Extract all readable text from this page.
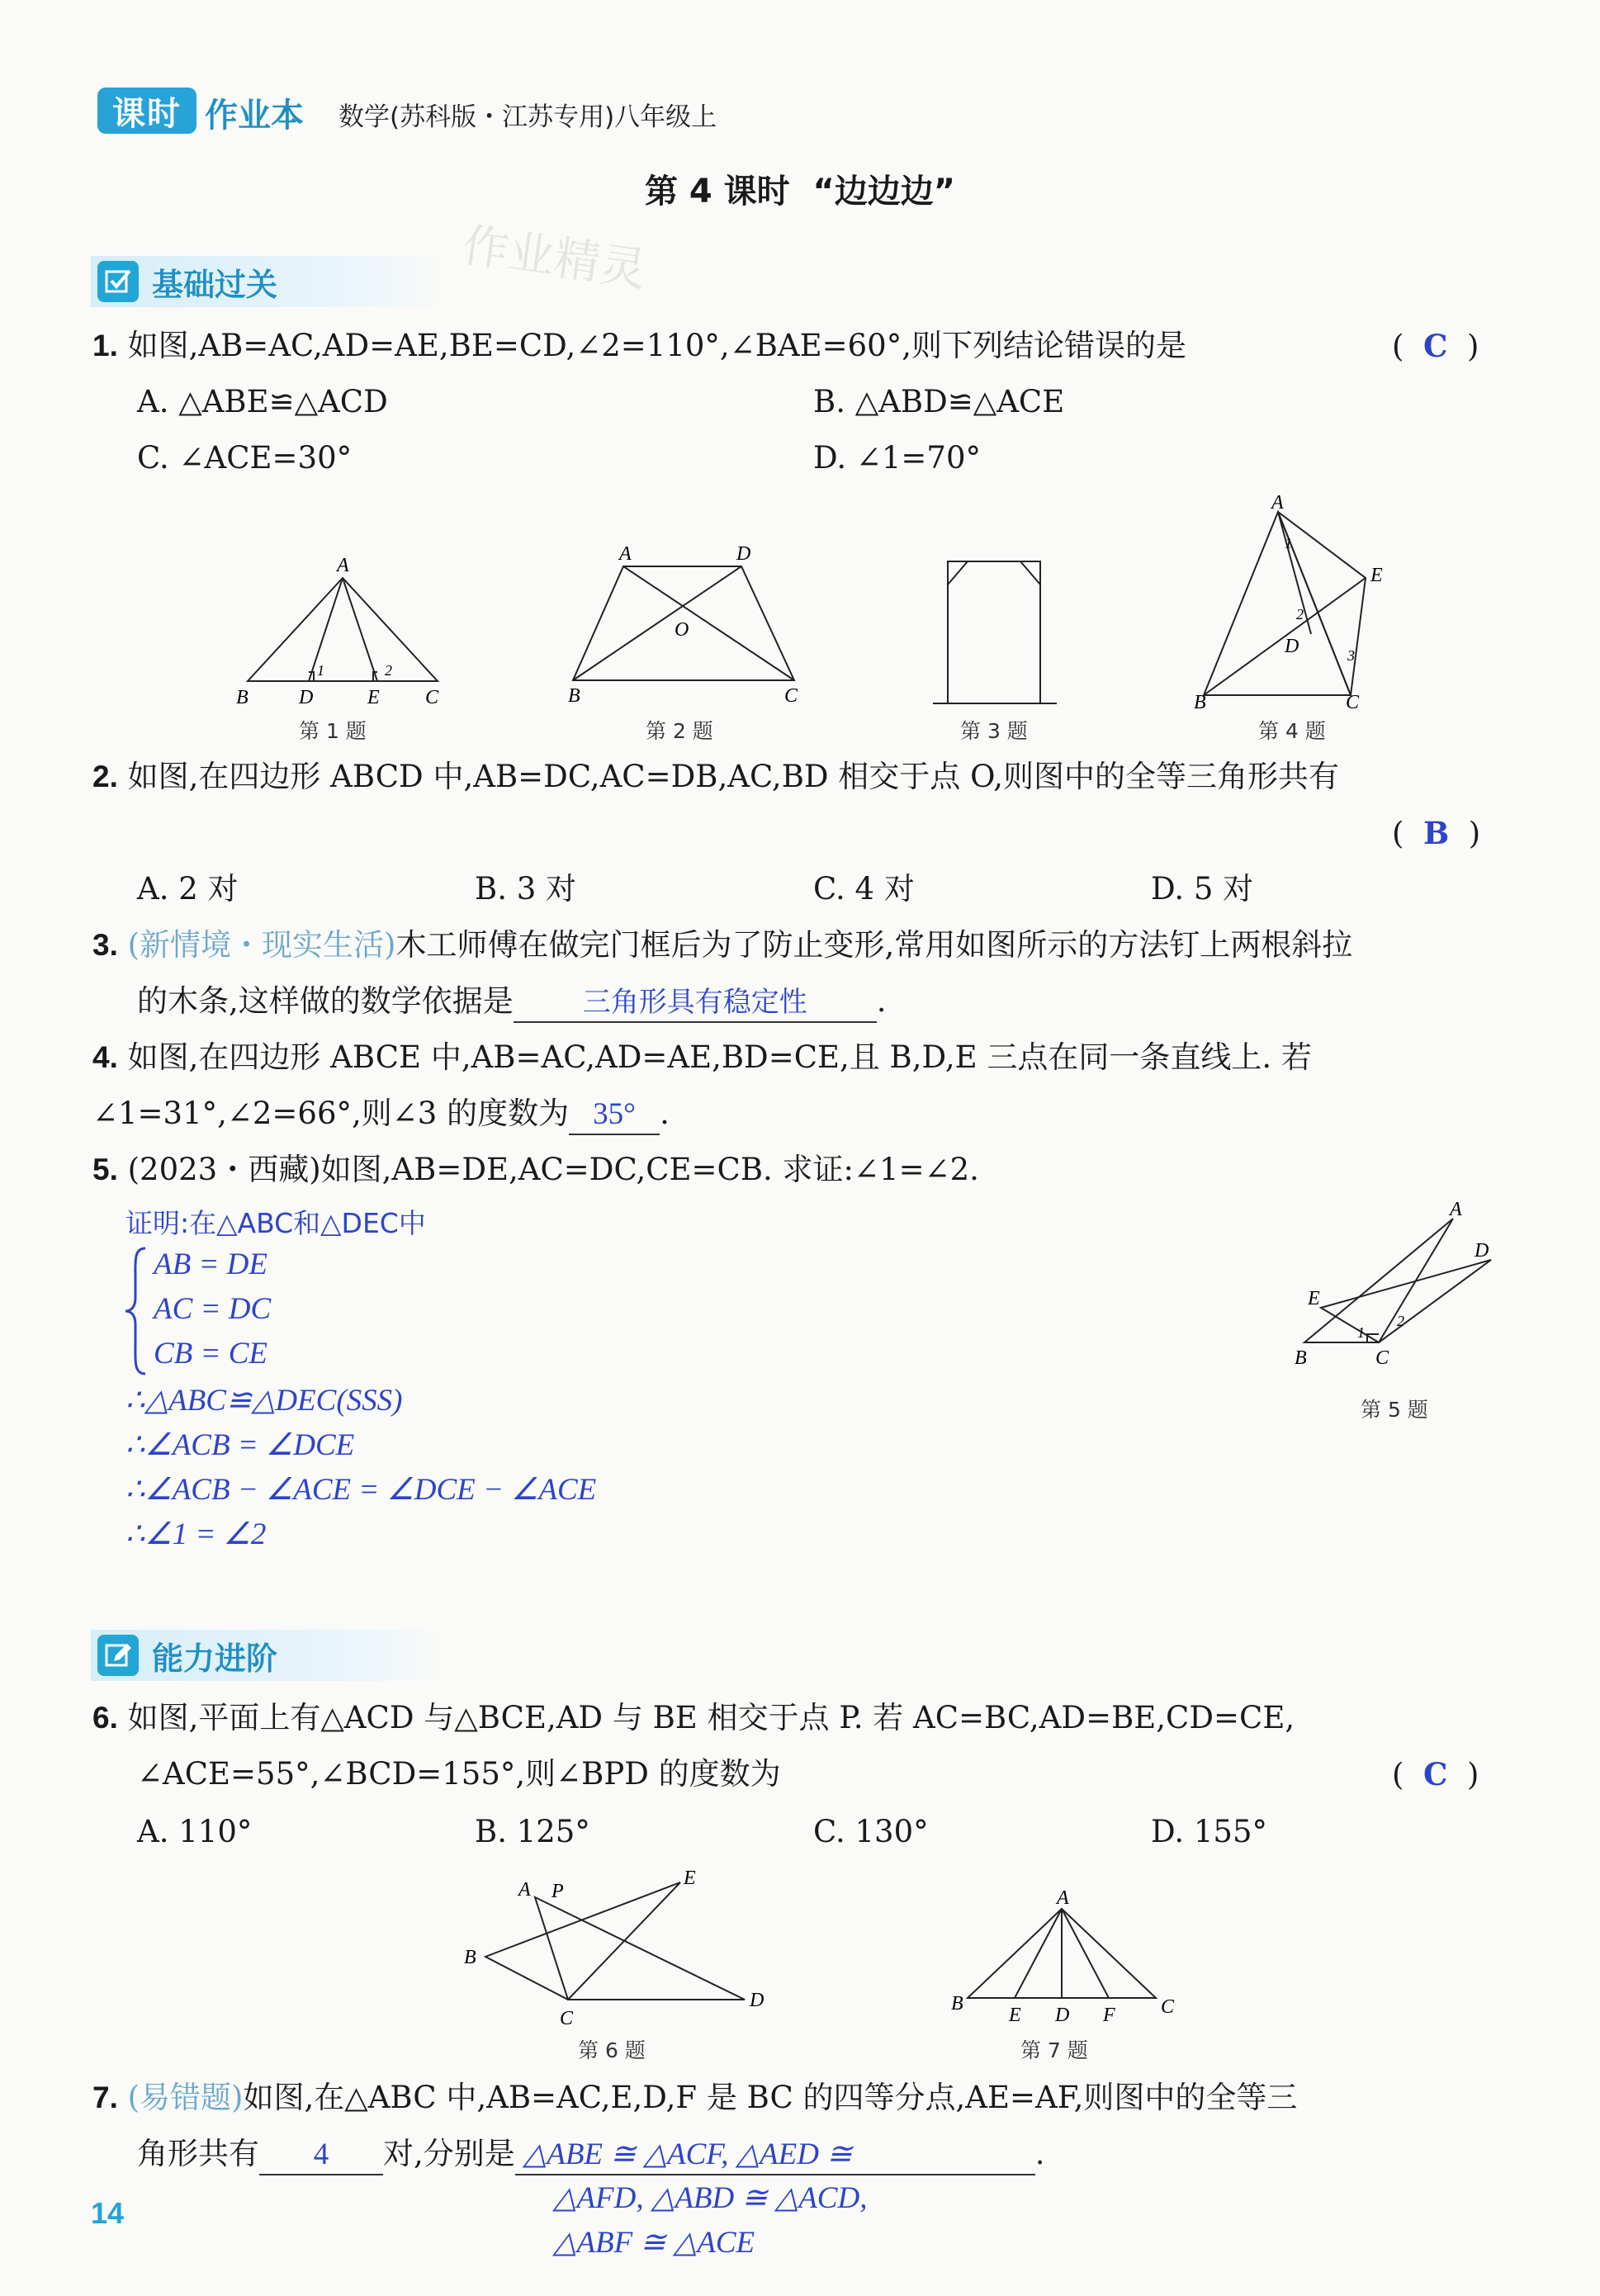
课时 作业本 数学(苏科版・江苏专用)八年级上
第 4 课时  “边边边”
作业精灵
基础过关
1. 如图,AB=AC,AD=AE,BE=CD,∠2=110°,∠BAE=60°,则下列结论错误的是	(  C  )
A. △ABE≌△ACD	B. △ABD≌△ACE
C. ∠ACE=30°	D. ∠1=70°
A
B	D
1
E
2
C
第 1 题
A	D
O
B	C
第 2 题	第 3 题
A
1
E
2
D	3
B	C
第 4 题
2. 如图,在四边形 ABCD 中,AB=DC,AC=DB,AC,BD 相交于点 O,则图中的全等三角形共有
(  B  )
A. 2 对	B. 3 对	C. 4 对	D. 5 对
3. (新情境・现实生活)木工师傅在做完门框后为了防止变形,常用如图所示的方法钉上两根斜拉
的木条,这样做的数学依据是 三角形具有稳定性 .
4. 如图,在四边形 ABCE 中,AB=AC,AD=AE,BD=CE,且 B,D,E 三点在同一条直线上. 若
∠1=31°,∠2=66°,则∠3 的度数为 35° .
5. (2023・西藏)如图,AB=DE,AC=DC,CE=CB. 求证:∠1=∠2.
证明:在△ABC和△DEC中
AB = DE
AC = DC
CB = CE
∴△ABC≌△DEC(SSS)
∴∠ACB = ∠DCE
∴∠ACB − ∠ACE = ∠DCE − ∠ACE
∴∠1 = ∠2
A
D
E
1
2
B	C
第 5 题
能力进阶
6. 如图,平面上有△ACD 与△BCE,AD 与 BE 相交于点 P. 若 AC=BC,AD=BE,CD=CE,
∠ACE=55°,∠BCD=155°,则∠BPD 的度数为	(  C  )
A. 110°	B. 125°	C. 130°	D. 155°
A P
E
B
C
D
第 6 题
A
B
E D F C
第 7 题
7. (易错题)如图,在△ABC 中,AB=AC,E,D,F 是 BC 的四等分点,AE=AF,则图中的全等三
角形共有 4 对,分别是 △ABE ≅ △ACF, △AED ≅	.
△AFD, △ABD ≅ △ACD,
△ABF ≅ △ACE
14
